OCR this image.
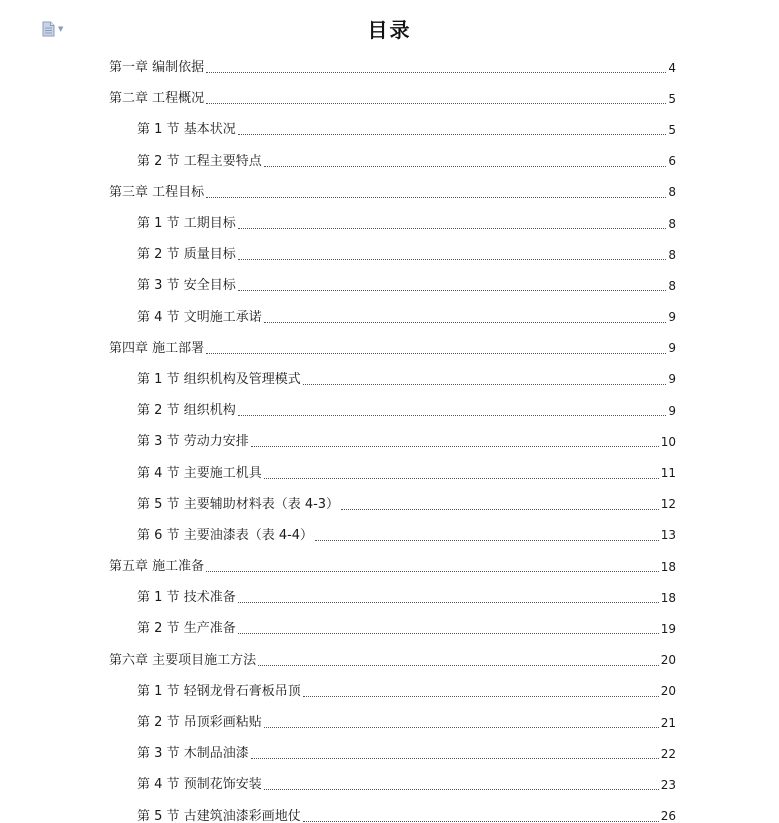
▼	目录
第一章 编制依据	4
第二章 工程概况	5
第 1 节 基本状况	5
第 2 节 工程主要特点	6
第三章 工程目标	8
第 1 节 工期目标	8
第 2 节 质量目标	8
第 3 节 安全目标	8
第 4 节 文明施工承诺	9
第四章 施工部署	9
第 1 节 组织机构及管理模式	9
第 2 节 组织机构	9
第 3 节 劳动力安排	10
第 4 节 主要施工机具	11
第 5 节 主要辅助材料表（表 4-3）	12
第 6 节 主要油漆表（表 4-4）	13
第五章 施工准备	18
第 1 节 技术准备	18
第 2 节 生产准备	19
第六章 主要项目施工方法	20
第 1 节 轻钢龙骨石膏板吊顶	20
第 2 节 吊顶彩画粘贴	21
第 3 节 木制品油漆	22
第 4 节 预制花饰安装	23
第 5 节 古建筑油漆彩画地仗	26
